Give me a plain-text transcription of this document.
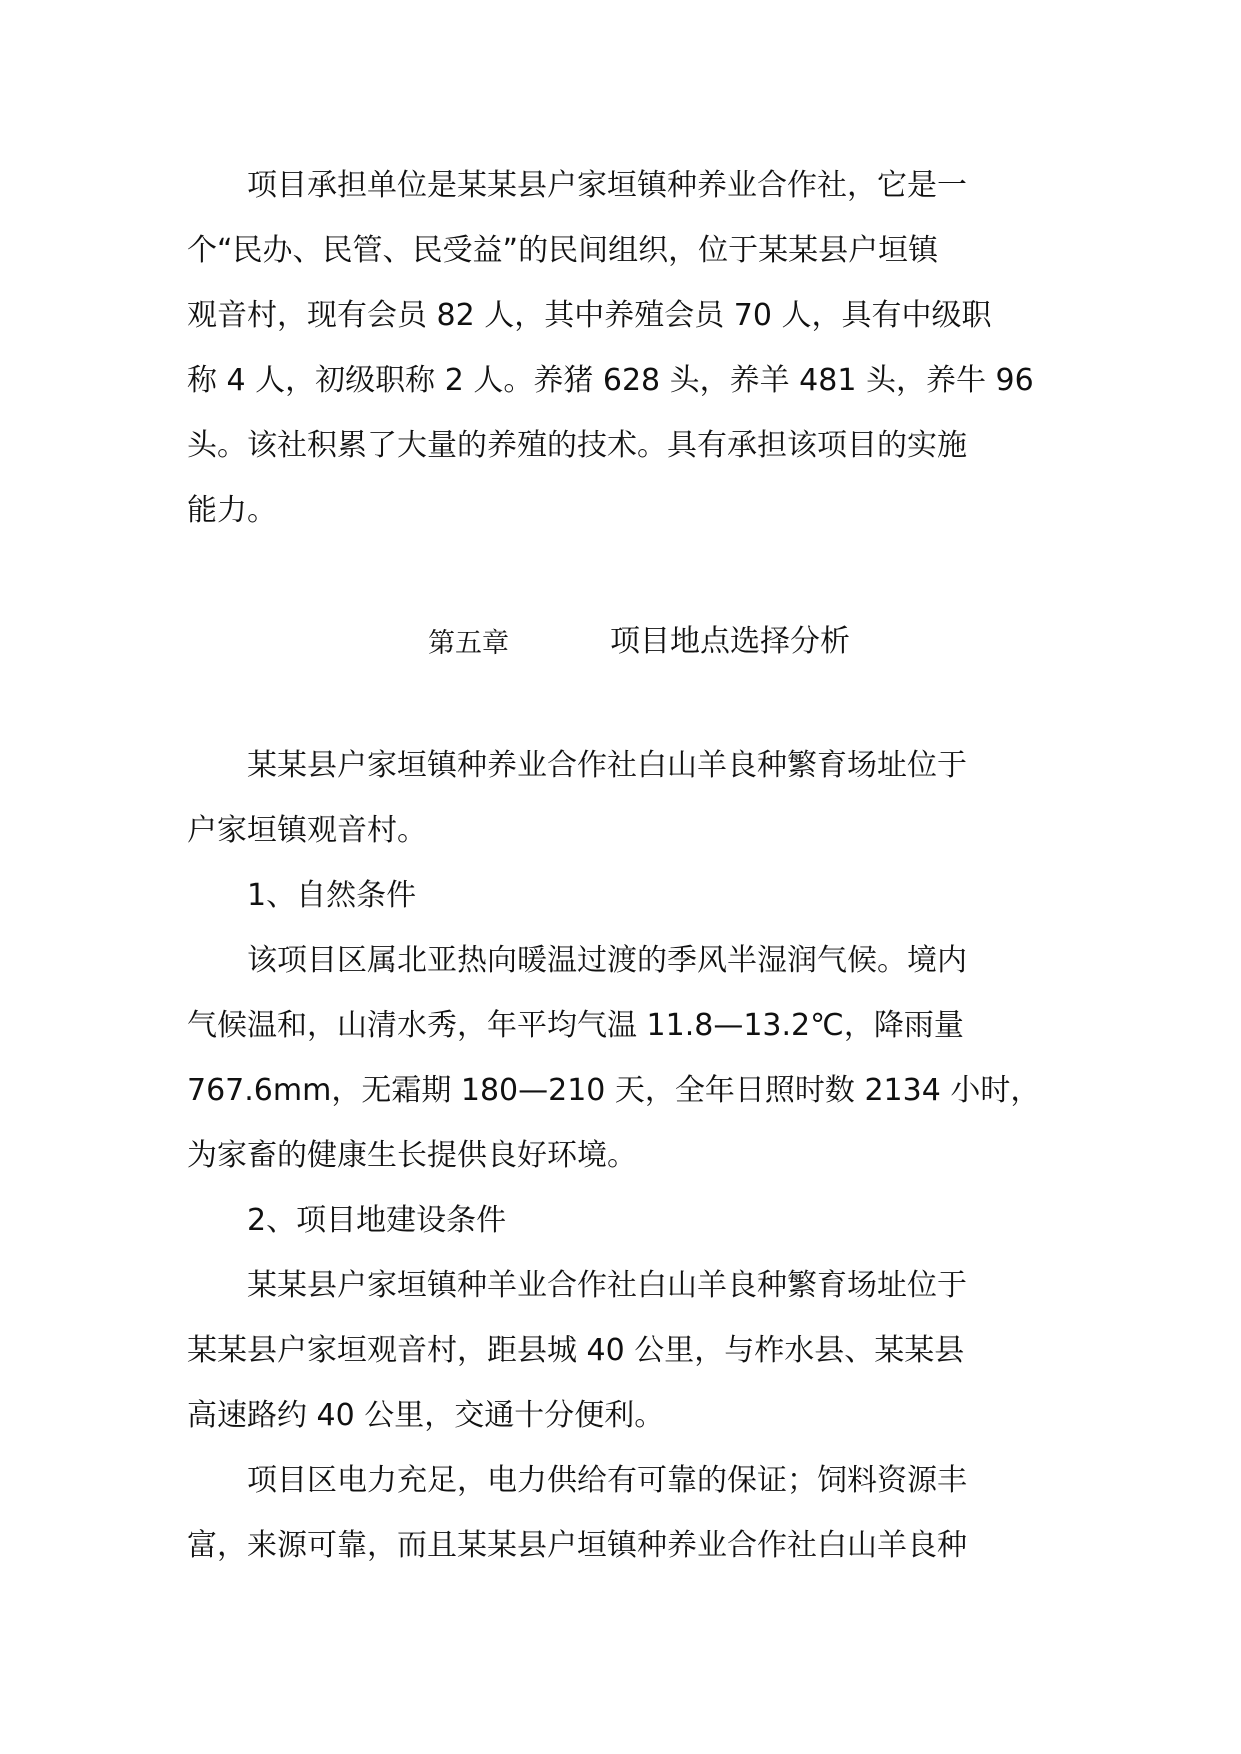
项目承担单位是某某县户家垣镇种养业合作社，它是一

个“民办、民管、民受益”的民间组织，位于某某县户垣镇

观音村，现有会员 82 人，其中养殖会员 70 人，具有中级职

称 4 人，初级职称 2 人。养猪 628 头，养羊 481 头，养牛 96

头。该社积累了大量的养殖的技术。具有承担该项目的实施

能力。

第五章	项目地点选择分析

某某县户家垣镇种养业合作社白山羊良种繁育场址位于

户家垣镇观音村。

1、自然条件

该项目区属北亚热向暖温过渡的季风半湿润气候。境内

气候温和，山清水秀，年平均气温 11.8—13.2℃，降雨量

767.6mm，无霜期 180—210 天，全年日照时数 2134 小时，

为家畜的健康生长提供良好环境。

2、项目地建设条件

某某县户家垣镇种羊业合作社白山羊良种繁育场址位于

某某县户家垣观音村，距县城 40 公里，与柞水县、某某县

高速路约 40 公里，交通十分便利。

项目区电力充足，电力供给有可靠的保证；饲料资源丰

富，来源可靠，而且某某县户垣镇种养业合作社白山羊良种
